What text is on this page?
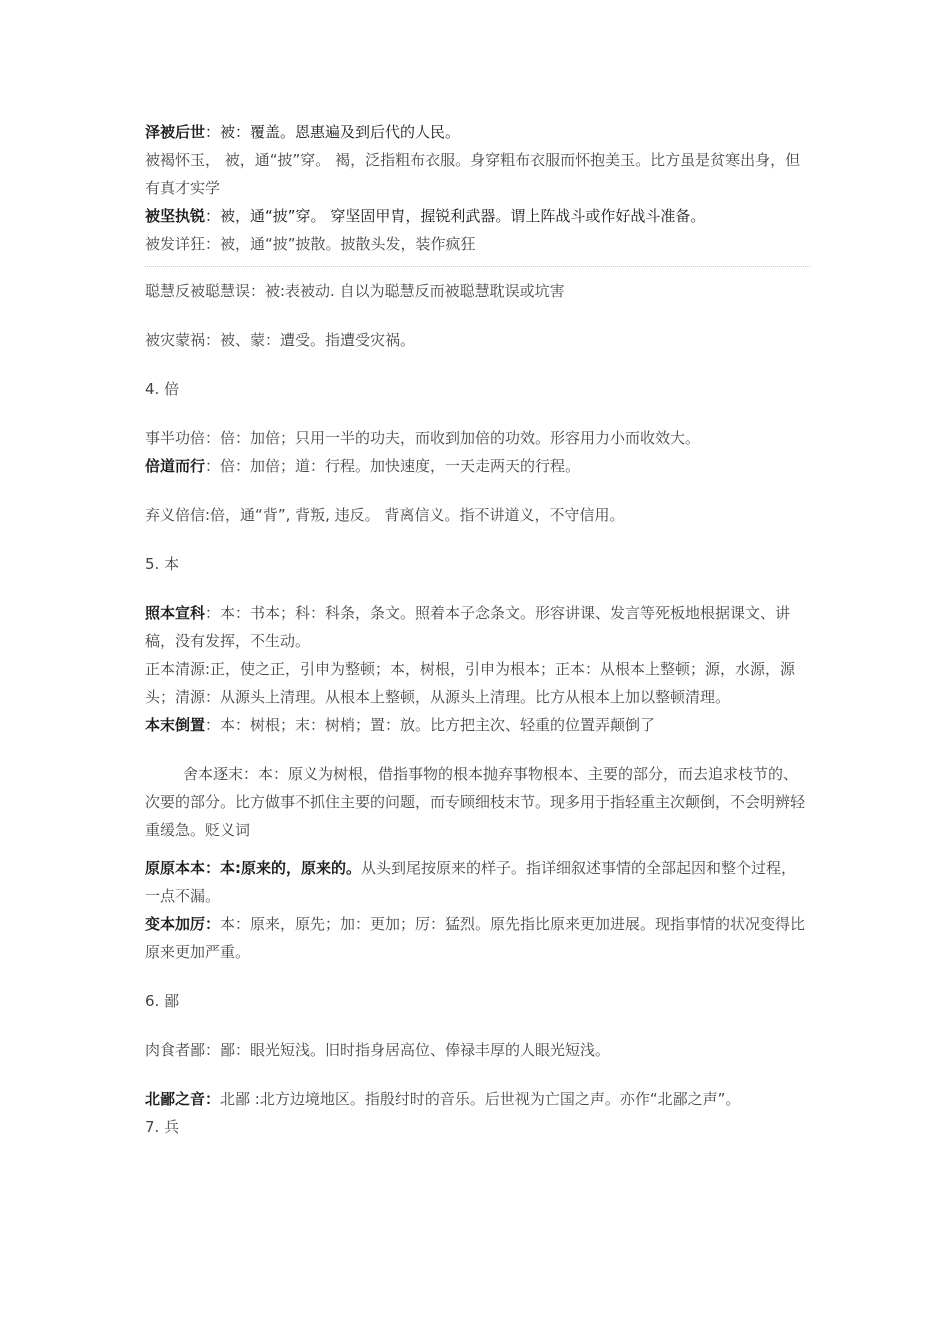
泽被后世：被：覆盖。恩惠遍及到后代的人民。
被褐怀玉， 被，通“披”穿。 褐，泛指粗布衣服。身穿粗布衣服而怀抱美玉。比方虽是贫寒出身，但有真才实学
被坚执锐：被，通“披”穿。 穿坚固甲胄，握锐利武器。谓上阵战斗或作好战斗准备。
被发详狂：被，通“披”披散。披散头发，装作疯狂
聪慧反被聪慧误：被:表被动. 自以为聪慧反而被聪慧耽误或坑害
被灾蒙祸：被、蒙：遭受。指遭受灾祸。
4. 倍
事半功倍：倍：加倍；只用一半的功夫，而收到加倍的功效。形容用力小而收效大。
倍道而行：倍：加倍；道：行程。加快速度，一天走两天的行程。
弃义倍信:倍，通“背”, 背叛, 违反。 背离信义。指不讲道义，不守信用。
5. 本
照本宣科：本：书本；科：科条，条文。照着本子念条文。形容讲课、发言等死板地根据课文、讲稿，没有发挥，不生动。
正本清源:正，使之正，引申为整顿；本，树根，引申为根本；正本：从根本上整顿；源，水源，源头；清源：从源头上清理。从根本上整顿，从源头上清理。比方从根本上加以整顿清理。
本末倒置：本：树根；末：树梢；置：放。比方把主次、轻重的位置弄颠倒了
舍本逐末：本：原义为树根，借指事物的根本抛弃事物根本、主要的部分，而去追求枝节的、次要的部分。比方做事不抓住主要的问题，而专顾细枝末节。现多用于指轻重主次颠倒，不会明辨轻重缓急。贬义词
原原本本：本:原来的，原来的。从头到尾按原来的样子。指详细叙述事情的全部起因和整个过程，一点不漏。
变本加厉：本：原来，原先；加：更加；厉：猛烈。原先指比原来更加进展。现指事情的状况变得比原来更加严重。
6. 鄙
肉食者鄙：鄙：眼光短浅。旧时指身居高位、俸禄丰厚的人眼光短浅。
北鄙之音：北鄙 :北方边境地区。指殷纣时的音乐。后世视为亡国之声。亦作“北鄙之声”。
7. 兵
